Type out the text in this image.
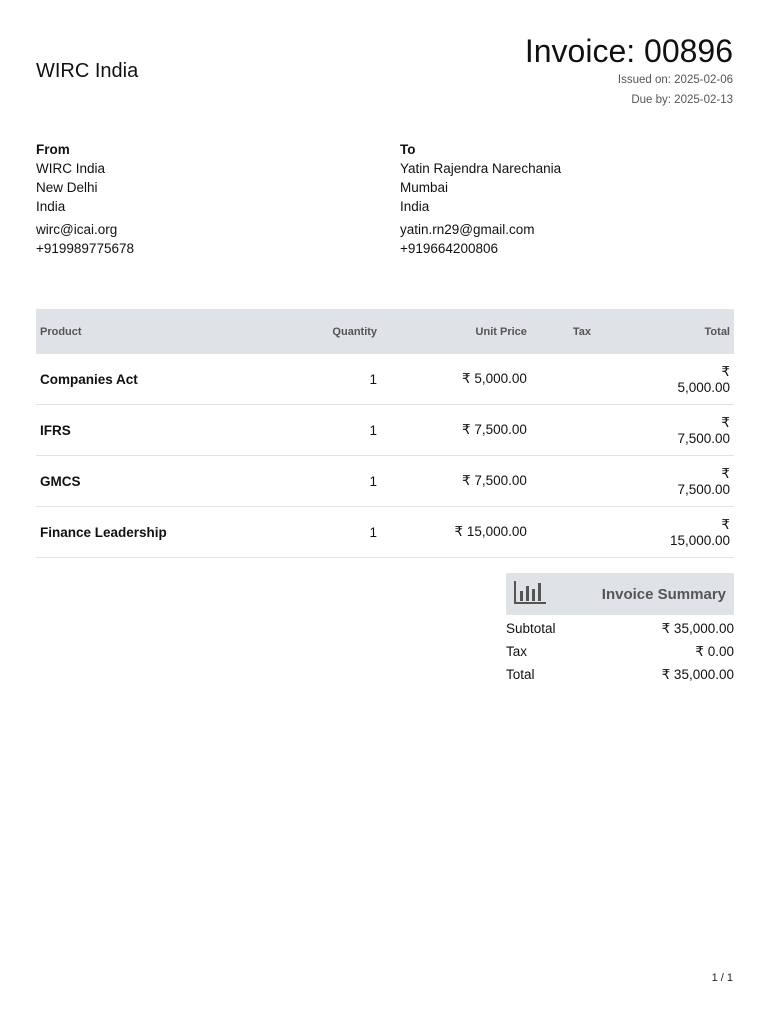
WIRC India
Invoice: 00896
Issued on: 2025-02-06
Due by: 2025-02-13
From
WIRC India
New Delhi
India
wirc@icai.org
+919989775678
To
Yatin Rajendra Narechania
Mumbai
India
yatin.rn29@gmail.com
+919664200806
Product	Quantity	Unit Price	Tax	Total
Companies Act	1	₹ 5,000.00		₹ 5,000.00
IFRS	1	₹ 7,500.00		₹ 7,500.00
GMCS	1	₹ 7,500.00		₹ 7,500.00
Finance Leadership	1	₹ 15,000.00		₹ 15,000.00
Invoice Summary
Subtotal	₹ 35,000.00
Tax	₹ 0.00
Total	₹ 35,000.00
1 / 1
